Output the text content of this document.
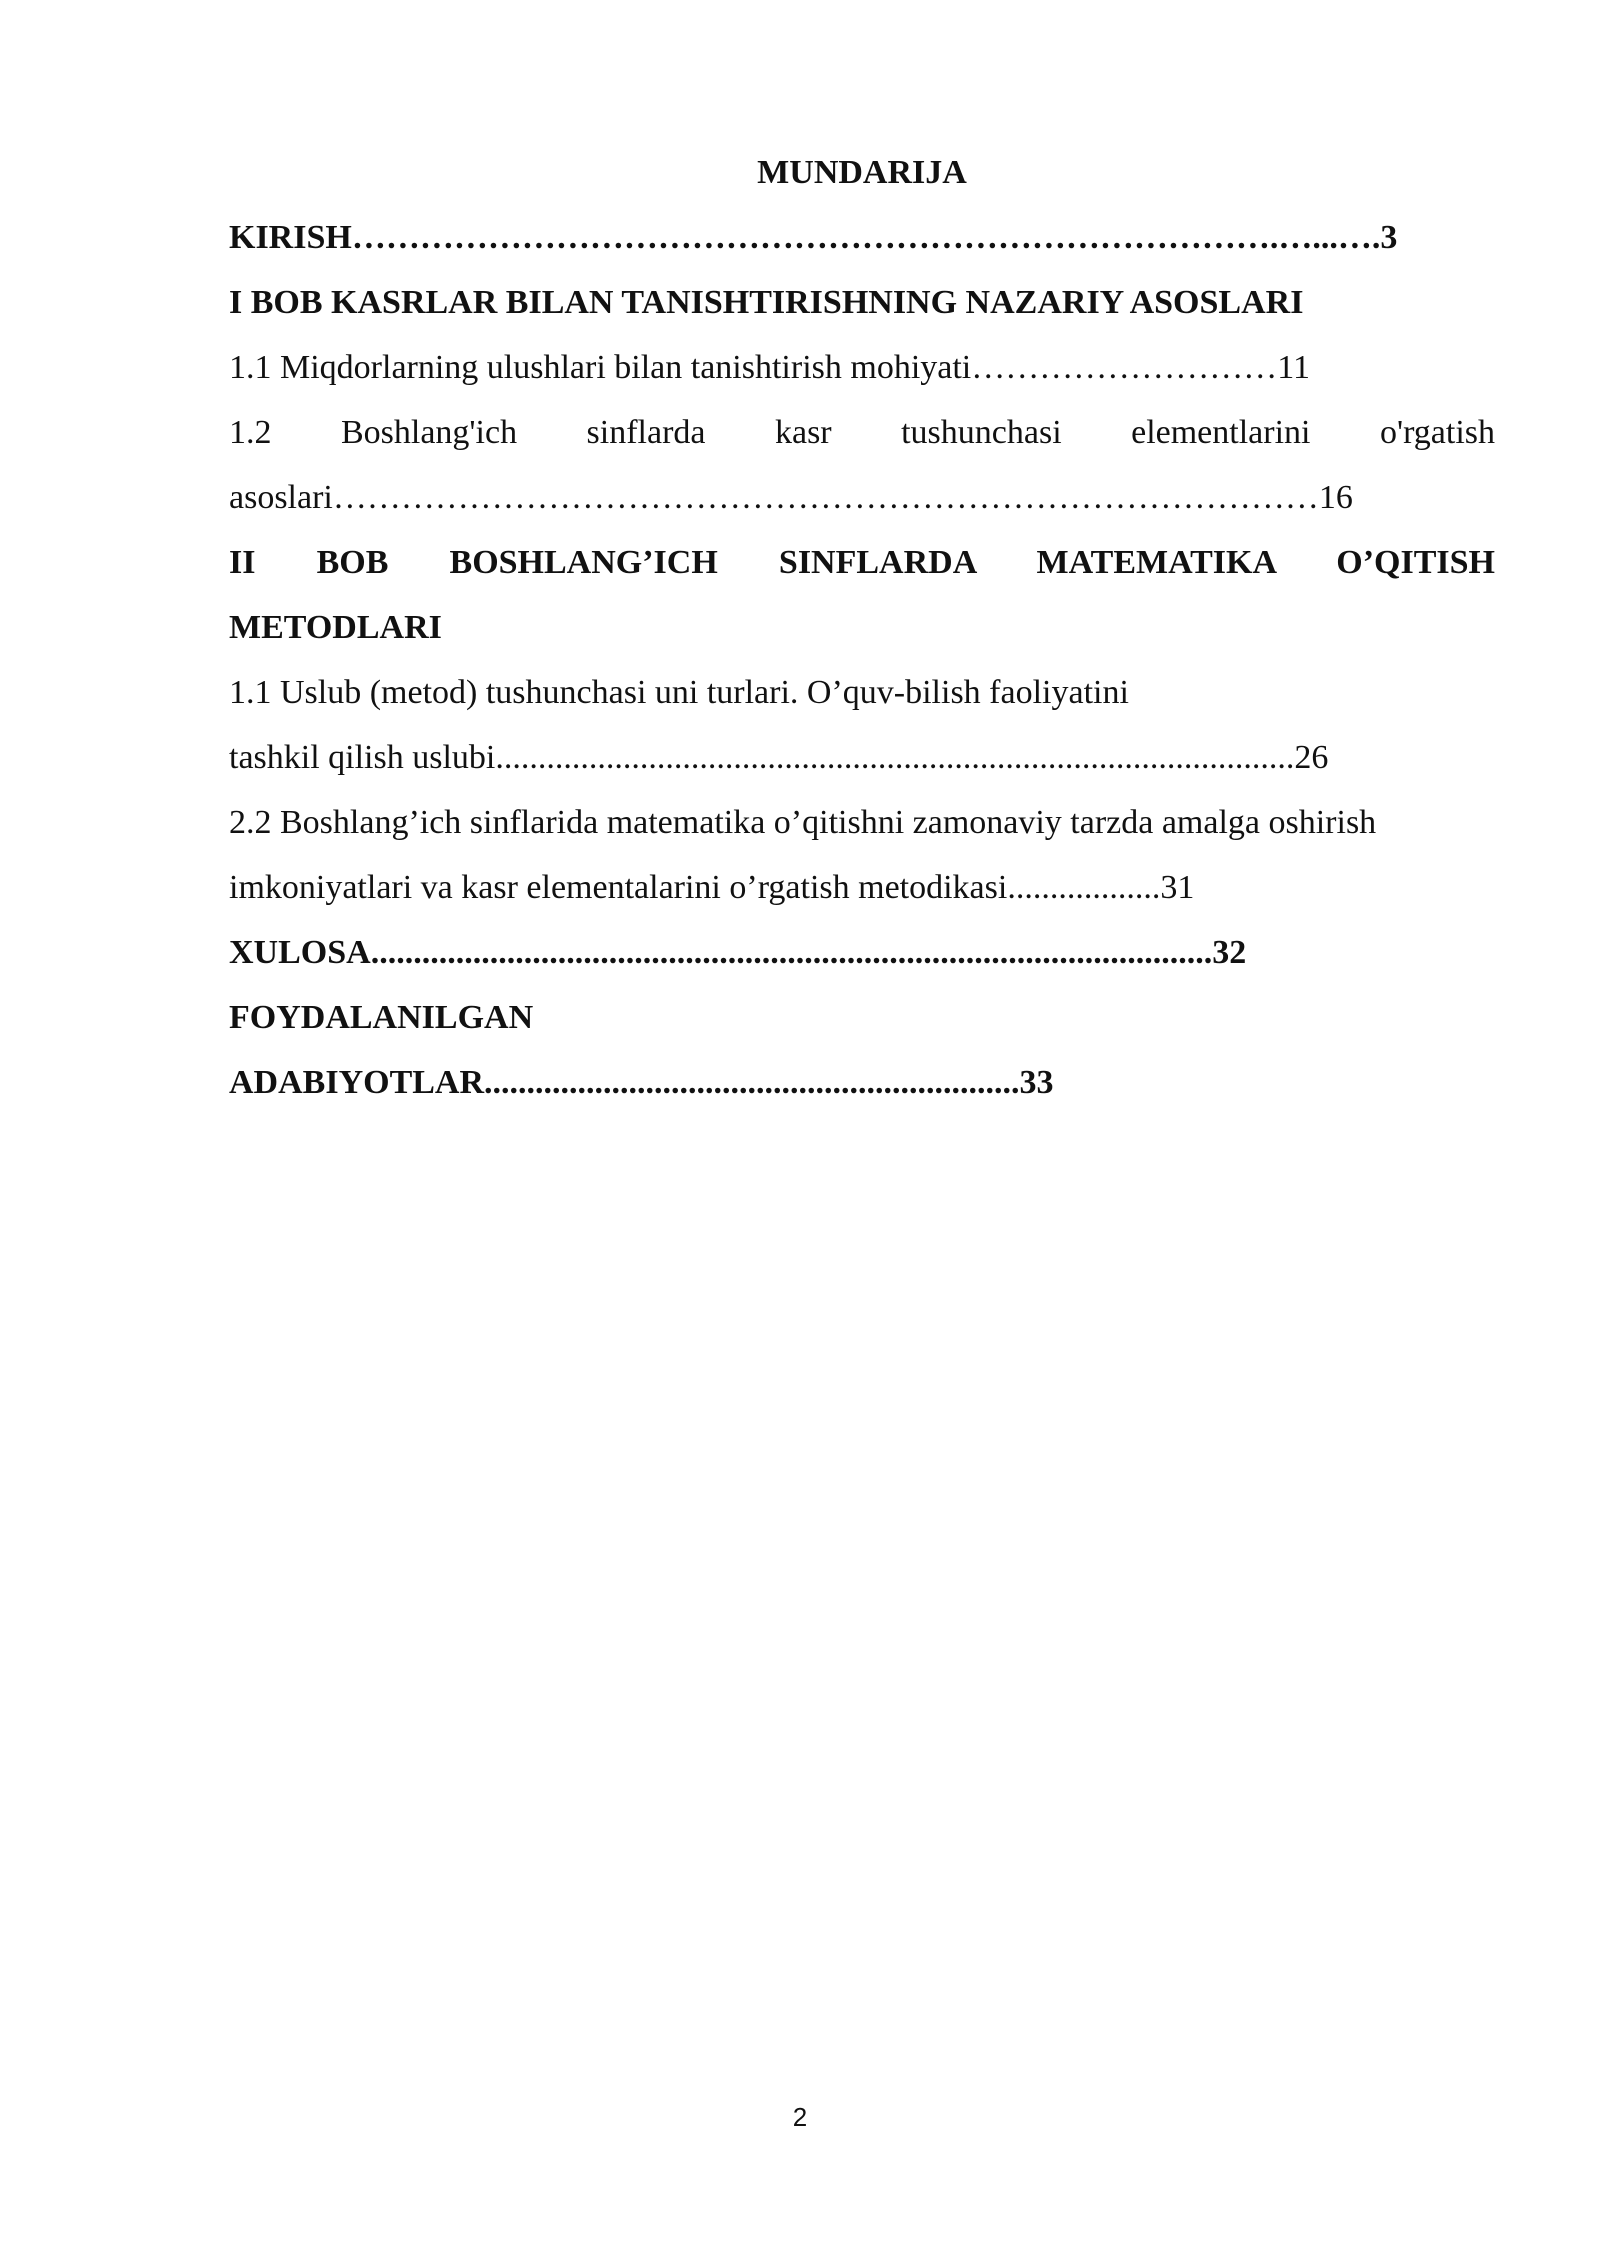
MUNDARIJA
KIRISH……………………………………………………………………….…...….3
I BOB KASRLAR BILAN TANISHTIRISHNING NAZARIY ASOSLARI
1.1 Miqdorlarning ulushlari bilan tanishtirish mohiyati………………………11
1.2 Boshlang'ich sinflarda kasr tushunchasi elementlarini o'rgatish
asoslari……………………………………………………………………………16
II BOB BOSHLANG’ICH SINFLARDA MATEMATIKA O’QITISH
METODLARI
1.1 Uslub (metod) tushunchasi uni turlari. O’quv-bilish faoliyatini
tashkil qilish uslubi..............................................................................................26
2.2 Boshlang’ich sinflarida matematika o’qitishni zamonaviy tarzda amalga oshirish
imkoniyatlari va kasr elementalarini o’rgatish metodikasi..................31
XULOSA...................................................................................................32
FOYDALANILGAN
ADABIYOTLAR...............................................................33
2
